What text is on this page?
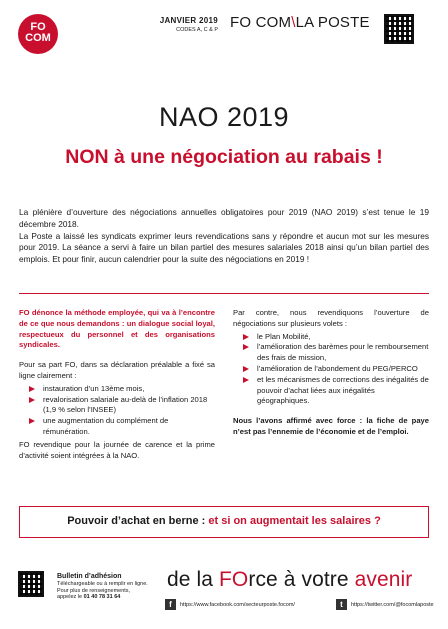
FO
COM
JANVIER 2019
CODES A, C & P FO COM\LA POSTE
NAO 2019
NON à une négociation au rabais !

La plénière d’ouverture des négociations annuelles obligatoires pour 2019 (NAO 2019) s’est tenue le 19 décembre 2018.

La Poste a laissé les syndicats exprimer leurs revendications sans y répondre et aucun mot sur les mesures pour 2019. La séance a servi à faire un bilan partiel des mesures salariales 2018 ainsi qu’un bilan partiel des emplois. Et pour finir, aucun calendrier pour la suite des négociations en 2019 !

FO dénonce la méthode employée, qui va à l’encontre de ce que nous demandons : un dialogue social loyal, respectueux du personnel et des organisations syndicales.

Pour sa part FO, dans sa déclaration préalable a fixé sa ligne clairement :

instauration d’un 13ème mois,
revalorisation salariale au-delà de l’inflation 2018 (1,9 % selon l’INSEE)
une augmentation du complément de rémunération.

FO revendique pour la journée de carence et la prime d’activité soient intégrées à la NAO.

Par contre, nous revendiquons l’ouverture de négociations sur plusieurs volets :

le Plan Mobilité,
l’amélioration des barèmes pour le remboursement des frais de mission,
l’amélioration de l’abondement du PEG/PERCO
et les mécanismes de corrections des inégalités de pouvoir d’achat liées aux inégalités géographiques.

Nous l’avons affirmé avec force : la fiche de paye n’est pas l’ennemie de l’économie et de l’emploi.

Pouvoir d’achat en berne : et si on augmentait les salaires ?
Bulletin d’adhésion
Téléchargeable ou à remplir en ligne.
Pour plus de renseignements,
appelez le 01 40 78 31 64
de la FOrce à votre avenir
f	https://www.facebook.com/secteurposte.focom/	t	https://twitter.com/@focomlaposte
